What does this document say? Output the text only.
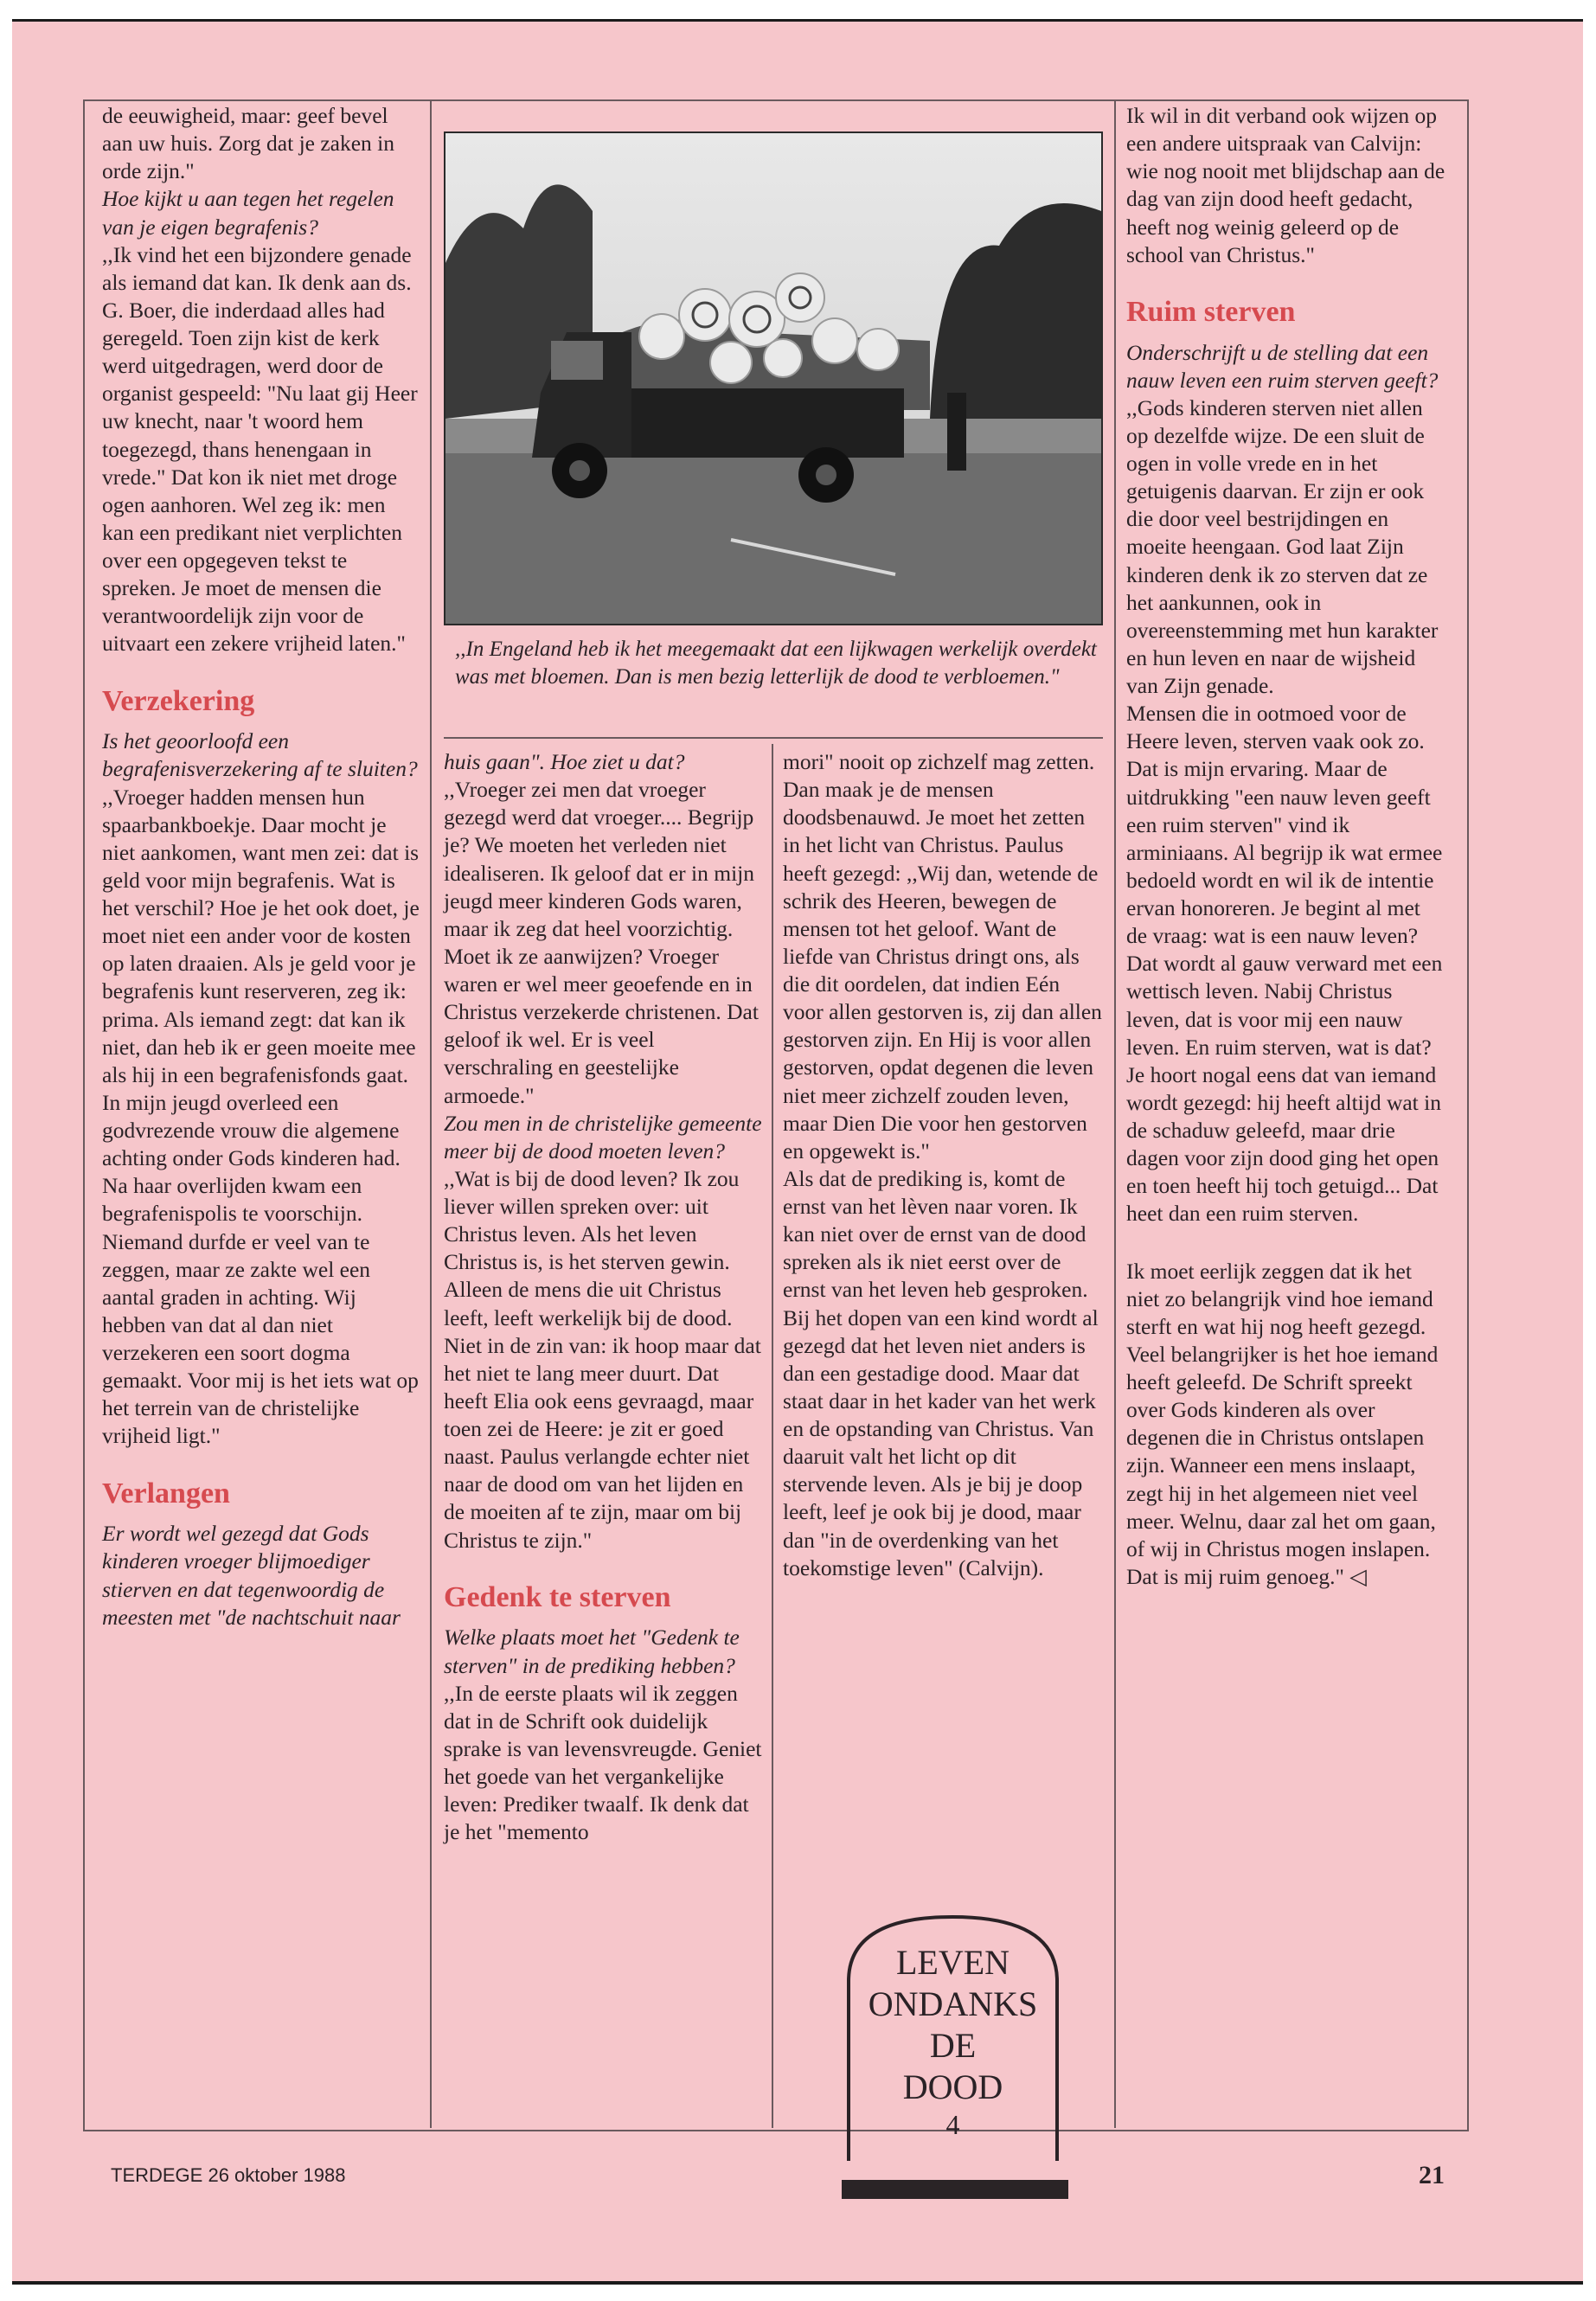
de eeuwigheid, maar: geef bevel aan uw huis. Zorg dat je zaken in orde zijn."

Hoe kijkt u aan tegen het regelen van je eigen begrafenis?

,,Ik vind het een bijzondere genade als iemand dat kan. Ik denk aan ds. G. Boer, die inderdaad alles had geregeld. Toen zijn kist de kerk werd uitgedragen, werd door de organist gespeeld: "Nu laat gij Heer uw knecht, naar 't woord hem toegezegd, thans henengaan in vrede." Dat kon ik niet met droge ogen aanhoren. Wel zeg ik: men kan een predikant niet verplichten over een opgegeven tekst te spreken. Je moet de mensen die verantwoordelijk zijn voor de uitvaart een zekere vrijheid laten."

Verzekering

Is het geoorloofd een begrafenisverzekering af te sluiten?

,,Vroeger hadden mensen hun spaarbankboekje. Daar mocht je niet aankomen, want men zei: dat is geld voor mijn begrafenis. Wat is het verschil? Hoe je het ook doet, je moet niet een ander voor de kosten op laten draaien. Als je geld voor je begrafenis kunt reserveren, zeg ik: prima. Als iemand zegt: dat kan ik niet, dan heb ik er geen moeite mee als hij in een begrafenisfonds gaat. In mijn jeugd overleed een godvrezende vrouw die algemene achting onder Gods kinderen had. Na haar overlijden kwam een begrafenispolis te voorschijn. Niemand durfde er veel van te zeggen, maar ze zakte wel een aantal graden in achting. Wij hebben van dat al dan niet verzekeren een soort dogma gemaakt. Voor mij is het iets wat op het terrein van de christelijke vrijheid ligt."

Verlangen

Er wordt wel gezegd dat Gods kinderen vroeger blijmoediger stierven en dat tegenwoordig de meesten met "de nachtschuit naar

,,In Engeland heb ik het meegemaakt dat een lijkwagen werkelijk overdekt was met bloemen. Dan is men bezig letterlijk de dood te verbloemen."

huis gaan". Hoe ziet u dat?

,,Vroeger zei men dat vroeger gezegd werd dat vroeger.... Begrijp je? We moeten het verleden niet idealiseren. Ik geloof dat er in mijn jeugd meer kinderen Gods waren, maar ik zeg dat heel voorzichtig. Moet ik ze aanwijzen? Vroeger waren er wel meer geoefende en in Christus verzekerde christenen. Dat geloof ik wel. Er is veel verschraling en geestelijke armoede."

Zou men in de christelijke gemeente meer bij de dood moeten leven?

,,Wat is bij de dood leven? Ik zou liever willen spreken over: uit Christus leven. Als het leven Christus is, is het sterven gewin. Alleen de mens die uit Christus leeft, leeft werkelijk bij de dood. Niet in de zin van: ik hoop maar dat het niet te lang meer duurt. Dat heeft Elia ook eens gevraagd, maar toen zei de Heere: je zit er goed naast. Paulus verlangde echter niet naar de dood om van het lijden en de moeiten af te zijn, maar om bij Christus te zijn."

Gedenk te sterven

Welke plaats moet het "Gedenk te sterven" in de prediking hebben?

,,In de eerste plaats wil ik zeggen dat in de Schrift ook duidelijk sprake is van levensvreugde. Geniet het goede van het vergankelijke leven: Prediker twaalf. Ik denk dat je het "memento

mori" nooit op zichzelf mag zetten. Dan maak je de mensen doodsbenauwd. Je moet het zetten in het licht van Christus. Paulus heeft gezegd: ,,Wij dan, wetende de schrik des Heeren, bewegen de mensen tot het geloof. Want de liefde van Christus dringt ons, als die dit oordelen, dat indien Eén voor allen gestorven is, zij dan allen gestorven zijn. En Hij is voor allen gestorven, opdat degenen die leven niet meer zichzelf zouden leven, maar Dien Die voor hen gestorven en opgewekt is."

Als dat de prediking is, komt de ernst van het lèven naar voren. Ik kan niet over de ernst van de dood spreken als ik niet eerst over de ernst van het leven heb gesproken. Bij het dopen van een kind wordt al gezegd dat het leven niet anders is dan een gestadige dood. Maar dat staat daar in het kader van het werk en de opstanding van Christus. Van daaruit valt het licht op dit stervende leven. Als je bij je doop leeft, leef je ook bij je dood, maar dan "in de overdenking van het toekomstige leven" (Calvijn).

Ik wil in dit verband ook wijzen op een andere uitspraak van Calvijn: wie nog nooit met blijdschap aan de dag van zijn dood heeft gedacht, heeft nog weinig geleerd op de school van Christus."

Ruim sterven

Onderschrijft u de stelling dat een nauw leven een ruim sterven geeft?

,,Gods kinderen sterven niet allen op dezelfde wijze. De een sluit de ogen in volle vrede en in het getuigenis daarvan. Er zijn er ook die door veel bestrijdingen en moeite heengaan. God laat Zijn kinderen denk ik zo sterven dat ze het aankunnen, ook in overeenstemming met hun karakter en hun leven en naar de wijsheid van Zijn genade.

Mensen die in ootmoed voor de Heere leven, sterven vaak ook zo. Dat is mijn ervaring. Maar de uitdrukking "een nauw leven geeft een ruim sterven" vind ik arminiaans. Al begrijp ik wat ermee bedoeld wordt en wil ik de intentie ervan honoreren. Je begint al met de vraag: wat is een nauw leven? Dat wordt al gauw verward met een wettisch leven. Nabij Christus leven, dat is voor mij een nauw leven. En ruim sterven, wat is dat? Je hoort nogal eens dat van iemand wordt gezegd: hij heeft altijd wat in de schaduw geleefd, maar drie dagen voor zijn dood ging het open en toen heeft hij toch getuigd... Dat heet dan een ruim sterven.

Ik moet eerlijk zeggen dat ik het niet zo belangrijk vind hoe iemand sterft en wat hij nog heeft gezegd. Veel belangrijker is het hoe iemand heeft geleefd. De Schrift spreekt over Gods kinderen als over degenen die in Christus ontslapen zijn. Wanneer een mens inslaapt, zegt hij in het algemeen niet veel meer. Welnu, daar zal het om gaan, of wij in Christus mogen inslapen. Dat is mij ruim genoeg." ◁

LEVEN
ONDANKS
DE
DOOD
4
TERDEGE 26 oktober 1988	21
